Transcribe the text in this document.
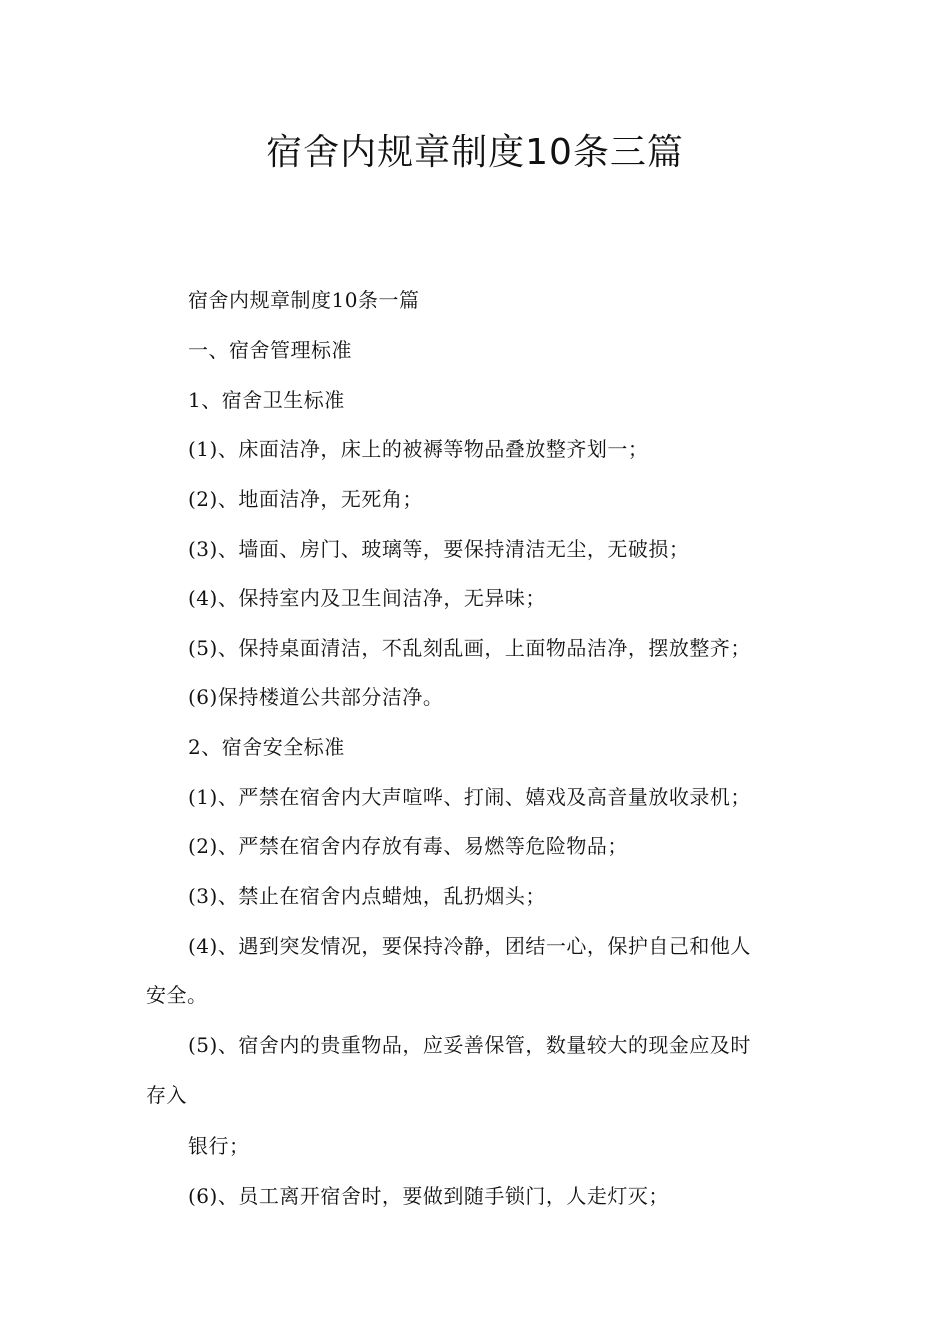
宿舍内规章制度10条三篇
宿舍内规章制度10条一篇
一、宿舍管理标准
1、宿舍卫生标准
(1)、床面洁净，床上的被褥等物品叠放整齐划一；
(2)、地面洁净，无死角；
(3)、墙面、房门、玻璃等，要保持清洁无尘，无破损；
(4)、保持室内及卫生间洁净，无异味；
(5)、保持桌面清洁，不乱刻乱画，上面物品洁净，摆放整齐；
(6)保持楼道公共部分洁净。
2、宿舍安全标准
(1)、严禁在宿舍内大声喧哗、打闹、嬉戏及高音量放收录机；
(2)、严禁在宿舍内存放有毒、易燃等危险物品；
(3)、禁止在宿舍内点蜡烛，乱扔烟头；
(4)、遇到突发情况，要保持冷静，团结一心，保护自己和他人
安全。
(5)、宿舍内的贵重物品，应妥善保管，数量较大的现金应及时
存入
银行；
(6)、员工离开宿舍时，要做到随手锁门，人走灯灭；
